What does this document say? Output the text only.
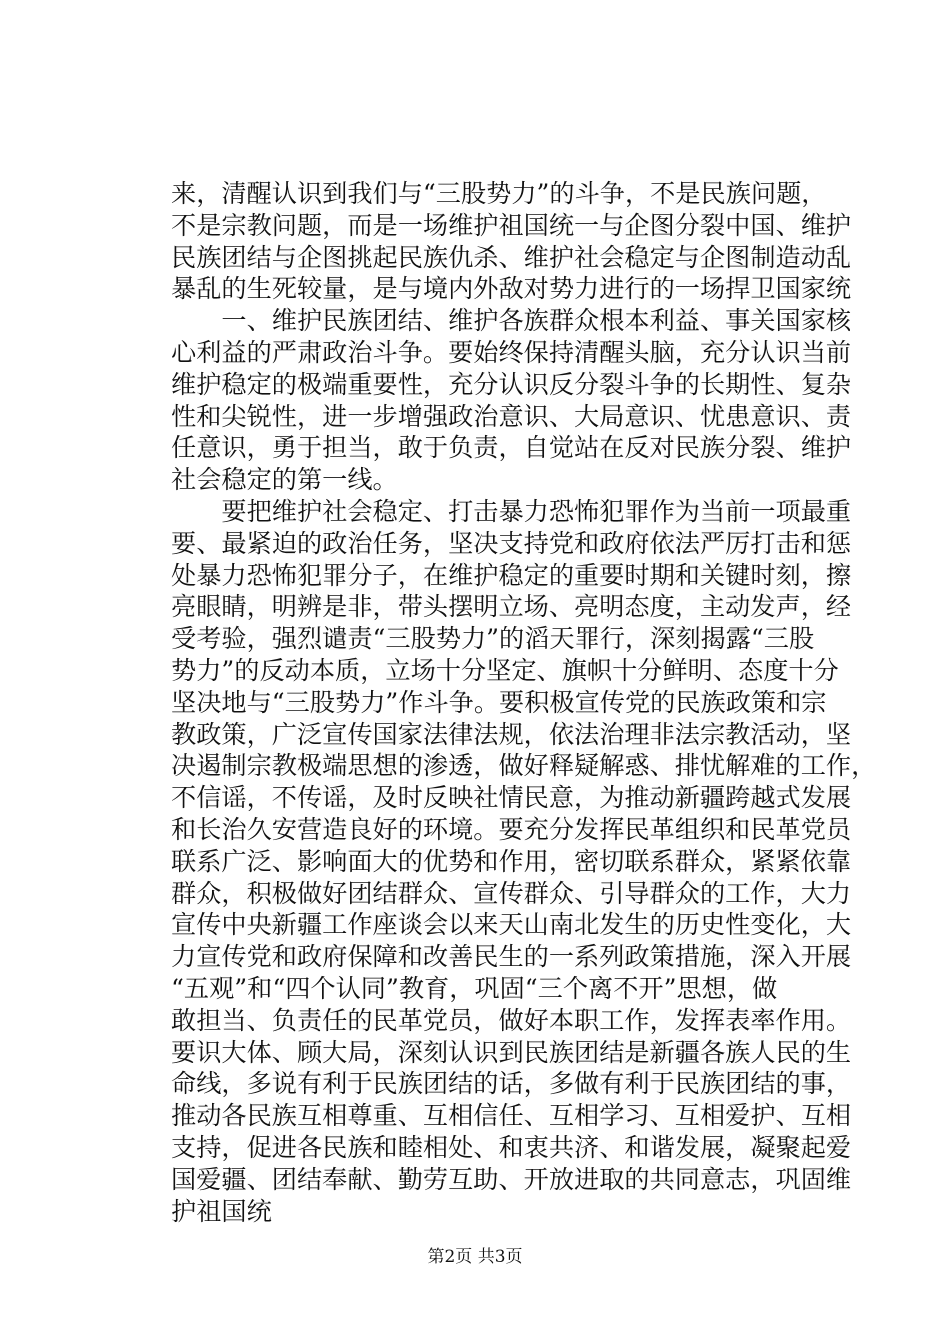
来，清醒认识到我们与“三股势力”的斗争，不是民族问题，
不是宗教问题，而是一场维护祖国统一与企图分裂中国、维护
民族团结与企图挑起民族仇杀、维护社会稳定与企图制造动乱
暴乱的生死较量，是与境内外敌对势力进行的一场捍卫国家统
　　一、维护民族团结、维护各族群众根本利益、事关国家核
心利益的严肃政治斗争。要始终保持清醒头脑，充分认识当前
维护稳定的极端重要性，充分认识反分裂斗争的长期性、复杂
性和尖锐性，进一步增强政治意识、大局意识、忧患意识、责
任意识，勇于担当，敢于负责，自觉站在反对民族分裂、维护
社会稳定的第一线。
　　要把维护社会稳定、打击暴力恐怖犯罪作为当前一项最重
要、最紧迫的政治任务，坚决支持党和政府依法严厉打击和惩
处暴力恐怖犯罪分子，在维护稳定的重要时期和关键时刻，擦
亮眼睛，明辨是非，带头摆明立场、亮明态度，主动发声，经
受考验，强烈谴责“三股势力”的滔天罪行，深刻揭露“三股
势力”的反动本质，立场十分坚定、旗帜十分鲜明、态度十分
坚决地与“三股势力”作斗争。要积极宣传党的民族政策和宗
教政策，广泛宣传国家法律法规，依法治理非法宗教活动，坚
决遏制宗教极端思想的渗透，做好释疑解惑、排忧解难的工作，
不信谣，不传谣，及时反映社情民意，为推动新疆跨越式发展
和长治久安营造良好的环境。要充分发挥民革组织和民革党员
联系广泛、影响面大的优势和作用，密切联系群众，紧紧依靠
群众，积极做好团结群众、宣传群众、引导群众的工作，大力
宣传中央新疆工作座谈会以来天山南北发生的历史性变化，大
力宣传党和政府保障和改善民生的一系列政策措施，深入开展
“五观”和“四个认同”教育，巩固“三个离不开”思想，做
敢担当、负责任的民革党员，做好本职工作，发挥表率作用。
要识大体、顾大局，深刻认识到民族团结是新疆各族人民的生
命线，多说有利于民族团结的话，多做有利于民族团结的事，
推动各民族互相尊重、互相信任、互相学习、互相爱护、互相
支持，促进各民族和睦相处、和衷共济、和谐发展，凝聚起爱
国爱疆、团结奉献、勤劳互助、开放进取的共同意志，巩固维
护祖国统
第2页 共3页
